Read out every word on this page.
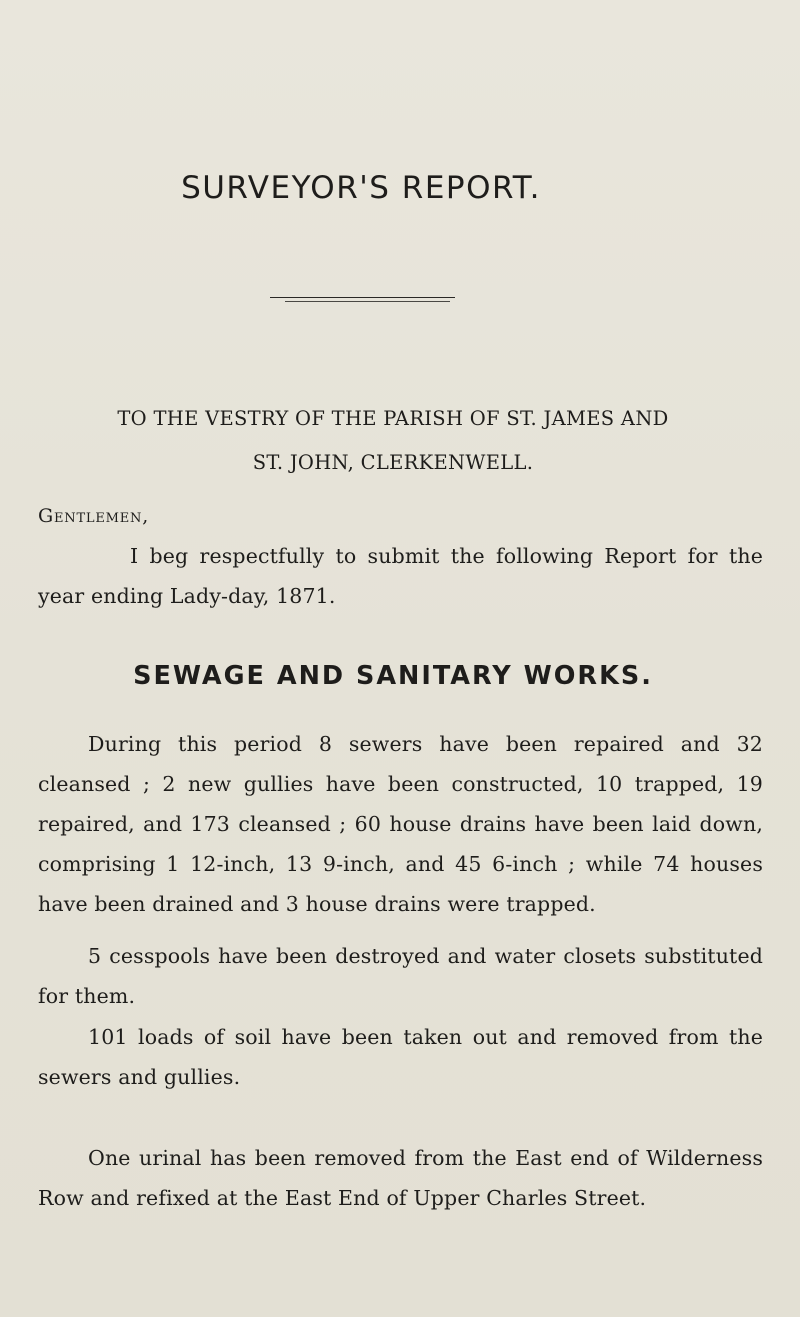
SURVEYOR'S REPORT.
TO THE VESTRY OF THE PARISH OF ST. JAMES AND
ST. JOHN, CLERKENWELL.
Gentlemen,
I beg respectfully to submit the following Report for the year ending Lady-day, 1871.
SEWAGE AND SANITARY WORKS.
During this period 8 sewers have been repaired and 32 cleansed ; 2 new gullies have been constructed, 10 trapped, 19 repaired, and 173 cleansed ; 60 house drains have been laid down, comprising 1 12-inch, 13 9-inch, and 45 6-inch ; while 74 houses have been drained and 3 house drains were trapped.
5 cesspools have been destroyed and water closets substituted for them.
101 loads of soil have been taken out and removed from the sewers and gullies.
One urinal has been removed from the East end of Wilderness Row and refixed at the East End of Upper Charles Street.
